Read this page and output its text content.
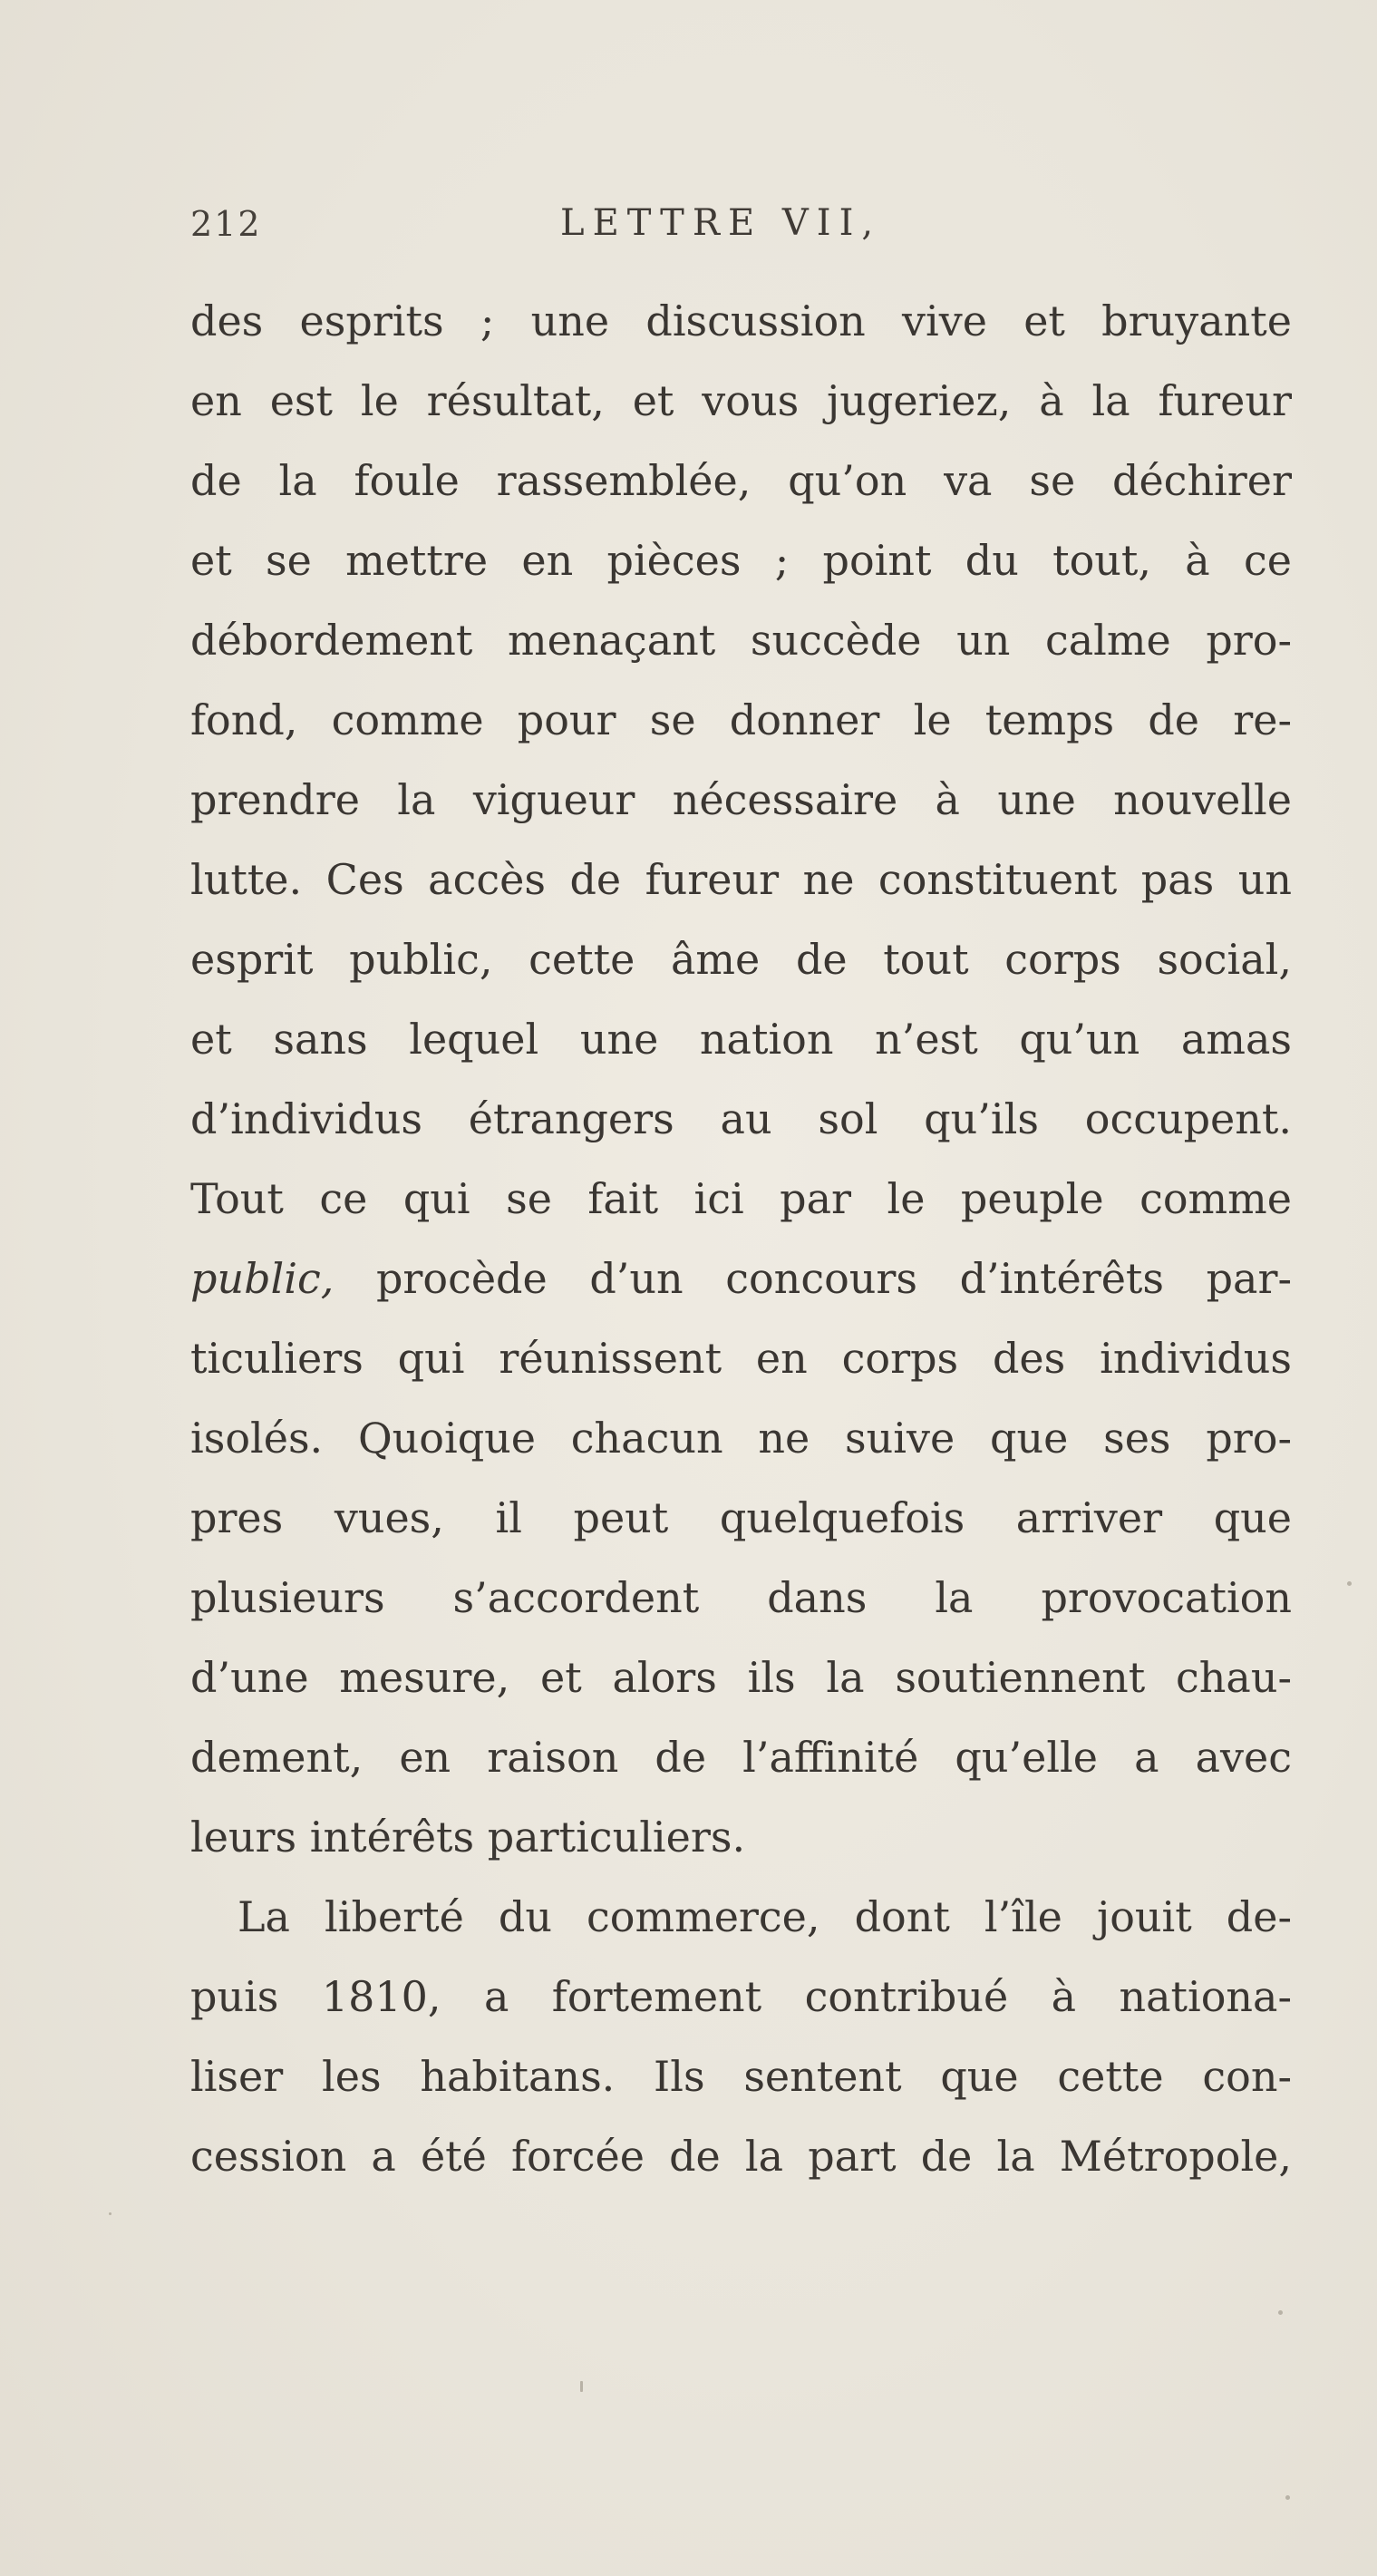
212	LETTRE VII,
des esprits ; une discussion vive et bruyante
en est le résultat, et vous jugeriez, à la fureur
de la foule rassemblée, qu’on va se déchirer
et se mettre en pièces ; point du tout, à ce
débordement menaçant succède un calme pro-
fond, comme pour se donner le temps de re-
prendre la vigueur nécessaire à une nouvelle
lutte. Ces accès de fureur ne constituent pas un
esprit public, cette âme de tout corps social,
et sans lequel une nation n’est qu’un amas
d’individus étrangers au sol qu’ils occupent.
Tout ce qui se fait ici par le peuple comme
public, procède d’un concours d’intérêts par-
ticuliers qui réunissent en corps des individus
isolés. Quoique chacun ne suive que ses pro-
pres vues, il peut quelquefois arriver que
plusieurs s’accordent dans la provocation
d’une mesure, et alors ils la soutiennent chau-
dement, en raison de l’affinité qu’elle a avec
leurs intérêts particuliers.
La liberté du commerce, dont l’île jouit de-
puis 1810, a fortement contribué à nationa-
liser les habitans. Ils sentent que cette con-
cession a été forcée de la part de la Métropole,
